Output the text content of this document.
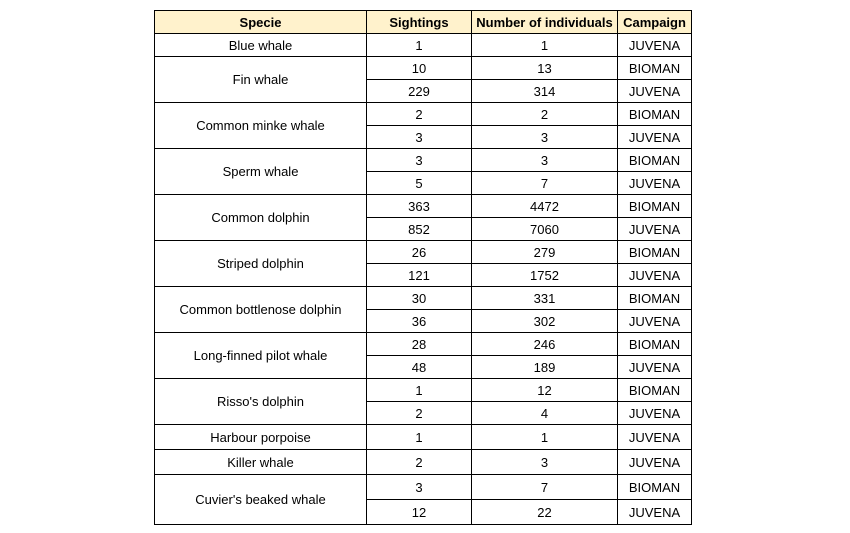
Specie	Sightings	Number of individuals	Campaign
Blue whale	1	1	JUVENA
Fin whale	10	13	BIOMAN
	229	314	JUVENA
Common minke whale	2	2	BIOMAN
	3	3	JUVENA
Sperm whale	3	3	BIOMAN
	5	7	JUVENA
Common dolphin	363	4472	BIOMAN
	852	7060	JUVENA
Striped dolphin	26	279	BIOMAN
	121	1752	JUVENA
Common bottlenose dolphin	30	331	BIOMAN
	36	302	JUVENA
Long-finned pilot whale	28	246	BIOMAN
	48	189	JUVENA
Risso's dolphin	1	12	BIOMAN
	2	4	JUVENA
Harbour porpoise	1	1	JUVENA
Killer whale	2	3	JUVENA
Cuvier's beaked whale	3	7	BIOMAN
	12	22	JUVENA
